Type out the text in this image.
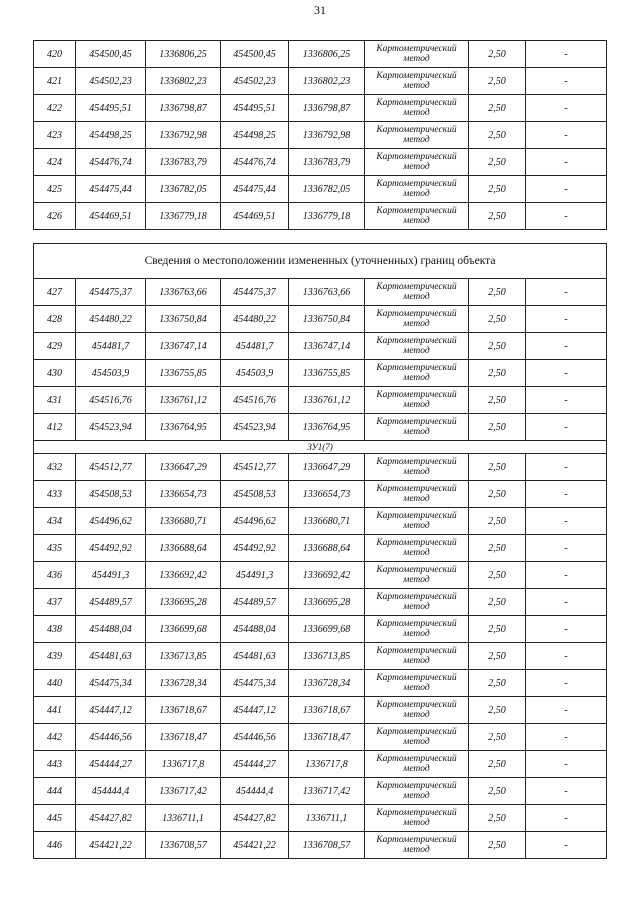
31
420	454500,45	1336806,25	454500,45	1336806,25	Картометрический
метод	2,50	-
421	454502,23	1336802,23	454502,23	1336802,23	Картометрический
метод	2,50	-
422	454495,51	1336798,87	454495,51	1336798,87	Картометрический
метод	2,50	-
423	454498,25	1336792,98	454498,25	1336792,98	Картометрический
метод	2,50	-
424	454476,74	1336783,79	454476,74	1336783,79	Картометрический
метод	2,50	-
425	454475,44	1336782,05	454475,44	1336782,05	Картометрический
метод	2,50	-
426	454469,51	1336779,18	454469,51	1336779,18	Картометрический
метод	2,50	-
Сведения о местоположении измененных (уточненных) границ объекта							
427	454475,37	1336763,66	454475,37	1336763,66	Картометрический
метод	2,50	-
428	454480,22	1336750,84	454480,22	1336750,84	Картометрический
метод	2,50	-
429	454481,7	1336747,14	454481,7	1336747,14	Картометрический
метод	2,50	-
430	454503,9	1336755,85	454503,9	1336755,85	Картометрический
метод	2,50	-
431	454516,76	1336761,12	454516,76	1336761,12	Картометрический
метод	2,50	-
412	454523,94	1336764,95	454523,94	1336764,95	Картометрический
метод	2,50	-
ЗУ1(7)							
432	454512,77	1336647,29	454512,77	1336647,29	Картометрический
метод	2,50	-
433	454508,53	1336654,73	454508,53	1336654,73	Картометрический
метод	2,50	-
434	454496,62	1336680,71	454496,62	1336680,71	Картометрический
метод	2,50	-
435	454492,92	1336688,64	454492,92	1336688,64	Картометрический
метод	2,50	-
436	454491,3	1336692,42	454491,3	1336692,42	Картометрический
метод	2,50	-
437	454489,57	1336695,28	454489,57	1336695,28	Картометрический
метод	2,50	-
438	454488,04	1336699,68	454488,04	1336699,68	Картометрический
метод	2,50	-
439	454481,63	1336713,85	454481,63	1336713,85	Картометрический
метод	2,50	-
440	454475,34	1336728,34	454475,34	1336728,34	Картометрический
метод	2,50	-
441	454447,12	1336718,67	454447,12	1336718,67	Картометрический
метод	2,50	-
442	454446,56	1336718,47	454446,56	1336718,47	Картометрический
метод	2,50	-
443	454444,27	1336717,8	454444,27	1336717,8	Картометрический
метод	2,50	-
444	454444,4	1336717,42	454444,4	1336717,42	Картометрический
метод	2,50	-
445	454427,82	1336711,1	454427,82	1336711,1	Картометрический
метод	2,50	-
446	454421,22	1336708,57	454421,22	1336708,57	Картометрический
метод	2,50	-
